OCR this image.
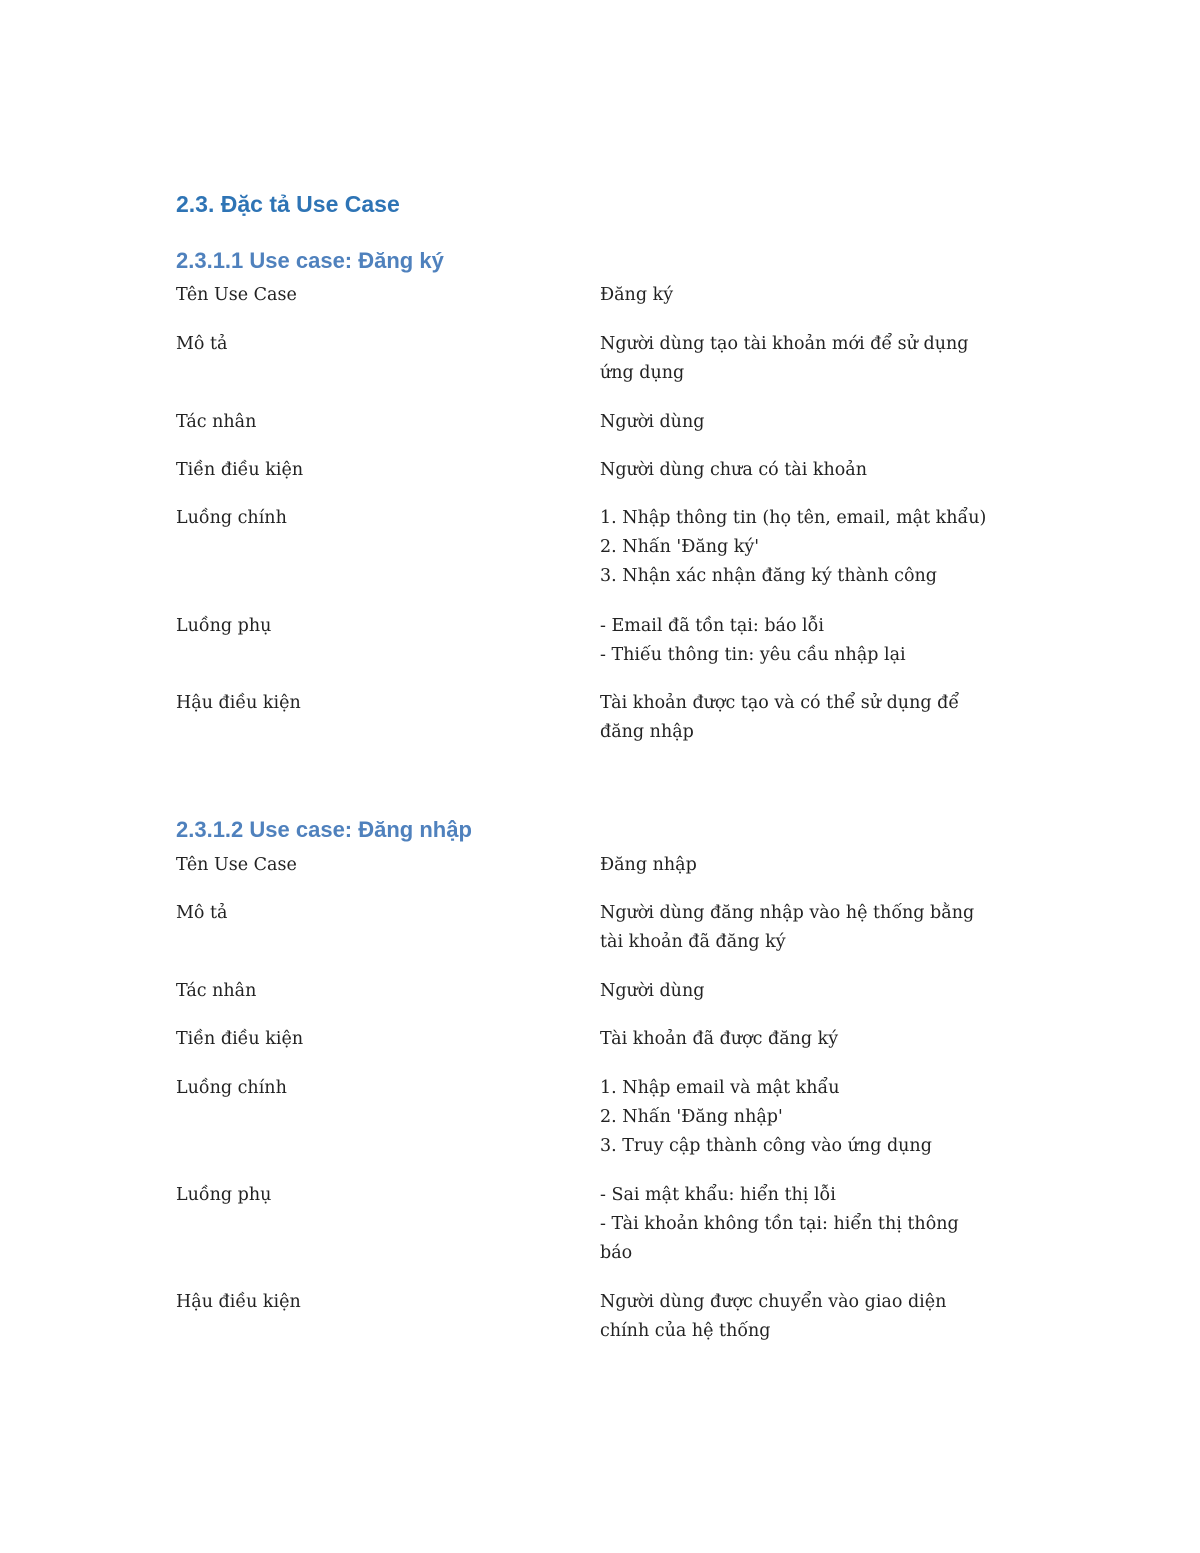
2.3. Đặc tả Use Case
2.3.1.1 Use case: Đăng ký
Tên Use Case	Đăng ký
Mô tả	Người dùng tạo tài khoản mới để sử dụng
ứng dụng
Tác nhân	Người dùng
Tiền điều kiện	Người dùng chưa có tài khoản
Luồng chính	1. Nhập thông tin (họ tên, email, mật khẩu)
2. Nhấn 'Đăng ký'
3. Nhận xác nhận đăng ký thành công
Luồng phụ	- Email đã tồn tại: báo lỗi
- Thiếu thông tin: yêu cầu nhập lại
Hậu điều kiện	Tài khoản được tạo và có thể sử dụng để
đăng nhập
2.3.1.2 Use case: Đăng nhập
Tên Use Case	Đăng nhập
Mô tả	Người dùng đăng nhập vào hệ thống bằng
tài khoản đã đăng ký
Tác nhân	Người dùng
Tiền điều kiện	Tài khoản đã được đăng ký
Luồng chính	1. Nhập email và mật khẩu
2. Nhấn 'Đăng nhập'
3. Truy cập thành công vào ứng dụng
Luồng phụ	- Sai mật khẩu: hiển thị lỗi
- Tài khoản không tồn tại: hiển thị thông
báo
Hậu điều kiện	Người dùng được chuyển vào giao diện
chính của hệ thống
